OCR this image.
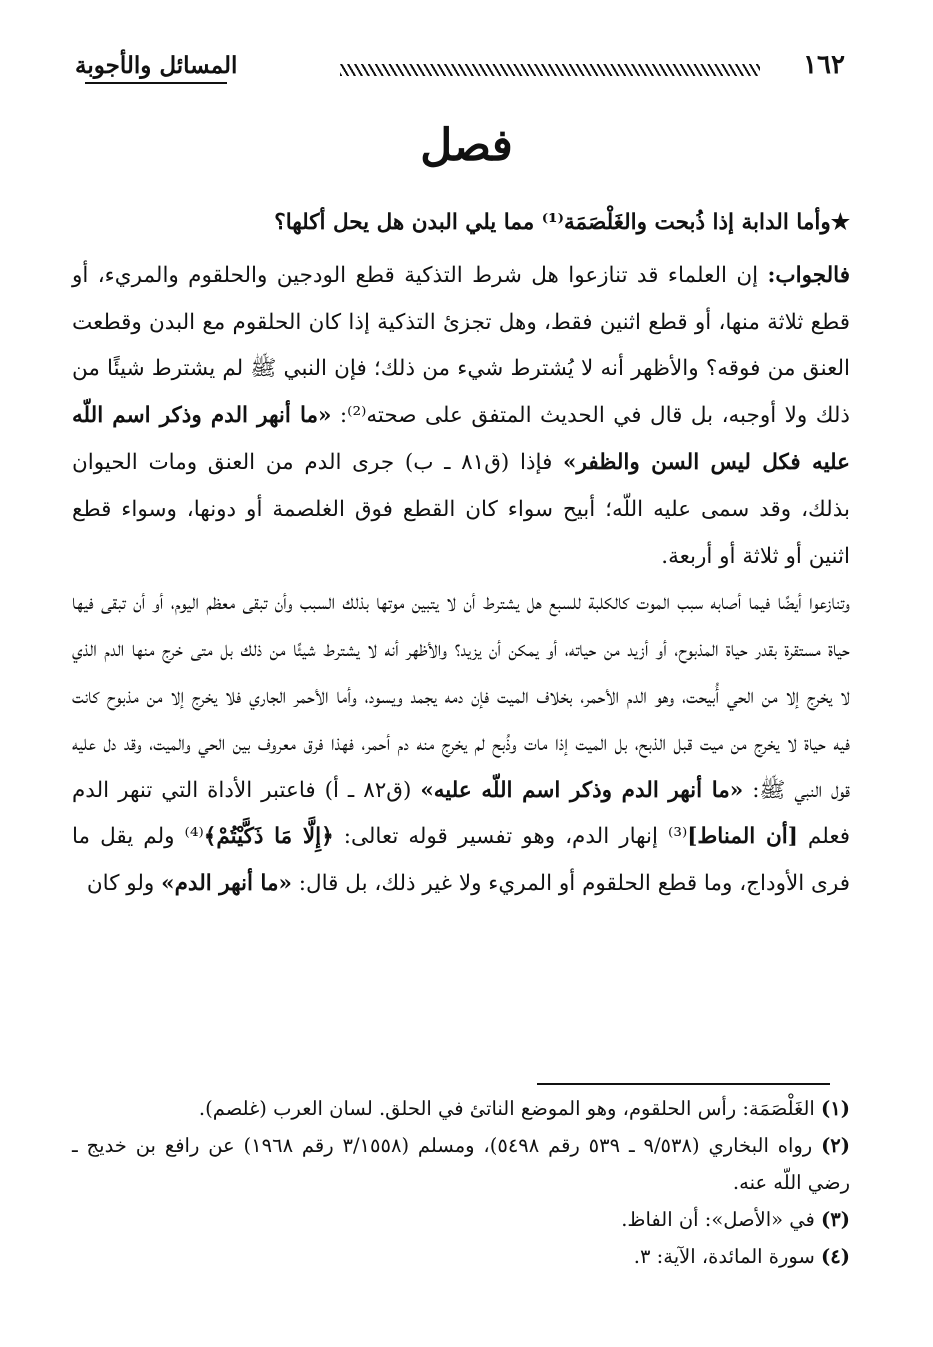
١٦٢
المسائل والأجوبة
فصل

★وأما الدابة إذا ذُبحت والغَلْصَمَة⁽¹⁾ مما يلي البدن هل يحل أكلها؟

فالجواب: إن العلماء قد تنازعوا هل شرط التذكية قطع الودجين والحلقوم والمريء، أو قطع ثلاثة منها، أو قطع اثنين فقط، وهل تجزئ التذكية إذا كان الحلقوم مع البدن وقطعت العنق من فوقه؟ والأظهر أنه لا يُشترط شيء من ذلك؛ فإن النبي ﷺ لم يشترط شيئًا من ذلك ولا أوجبه، بل قال في الحديث المتفق على صحته⁽²⁾: «ما أنهر الدم وذكر اسم اللّه عليه فكل ليس السن والظفر» فإذا (ق٨١ ـ ب) جرى الدم من العنق ومات الحيوان بذلك، وقد سمى عليه اللّه؛ أبيح سواء كان القطع فوق الغلصمة أو دونها، وسواء قطع اثنين أو ثلاثة أو أربعة.

وتنازعوا أيضًا فيما أصابه سبب الموت كالكلبة للسبع هل يشترط أن لا يتبين موتها بذلك السبب وأن تبقى معظم اليوم، أو أن تبقى فيها حياة مستقرة بقدر حياة المذبوح، أو أزيد من حياته، أو يمكن أن يزيد؟ والأظهر أنه لا يشترط شيئًا من ذلك بل متى خرج منها الدم الذي لا يخرج إلا من الحي أُبيحت، وهو الدم الأحمر، بخلاف الميت فإن دمه يجمد ويسود، وأما الأحمر الجاري فلا يخرج إلا من مذبوح كانت فيه حياة لا يخرج من ميت قبل الذبح، بل الميت إذا مات وذُبح لم يخرج منه دم أحمر، فهذا فرق معروف بين الحي والميت، وقد دل عليه قول النبي ﷺ: «ما أنهر الدم وذكر اسم اللّه عليه» (ق٨٢ ـ أ) فاعتبر الأداة التي تنهر الدم فعلم [أن المناط]⁽³⁾ إنهار الدم، وهو تفسير قوله تعالى: ﴿إِلَّا مَا ذَكَّيْتُمْ﴾⁽⁴⁾ ولم يقل ما فرى الأوداج، وما قطع الحلقوم أو المريء ولا غير ذلك، بل قال: «ما أنهر الدم» ولو كان

(١) الغَلْصَمَة: رأس الحلقوم، وهو الموضع الناتئ في الحلق. لسان العرب (غلصم).

(٢) رواه البخاري (٩/٥٣٨ ـ ٥٣٩ رقم ٥٤٩٨)، ومسلم (٣/١٥٥٨ رقم ١٩٦٨) عن رافع بن خديج ـ رضي اللّه عنه.

(٣) في «الأصل»: أن الفاظ.

(٤) سورة المائدة، الآية: ٣.
